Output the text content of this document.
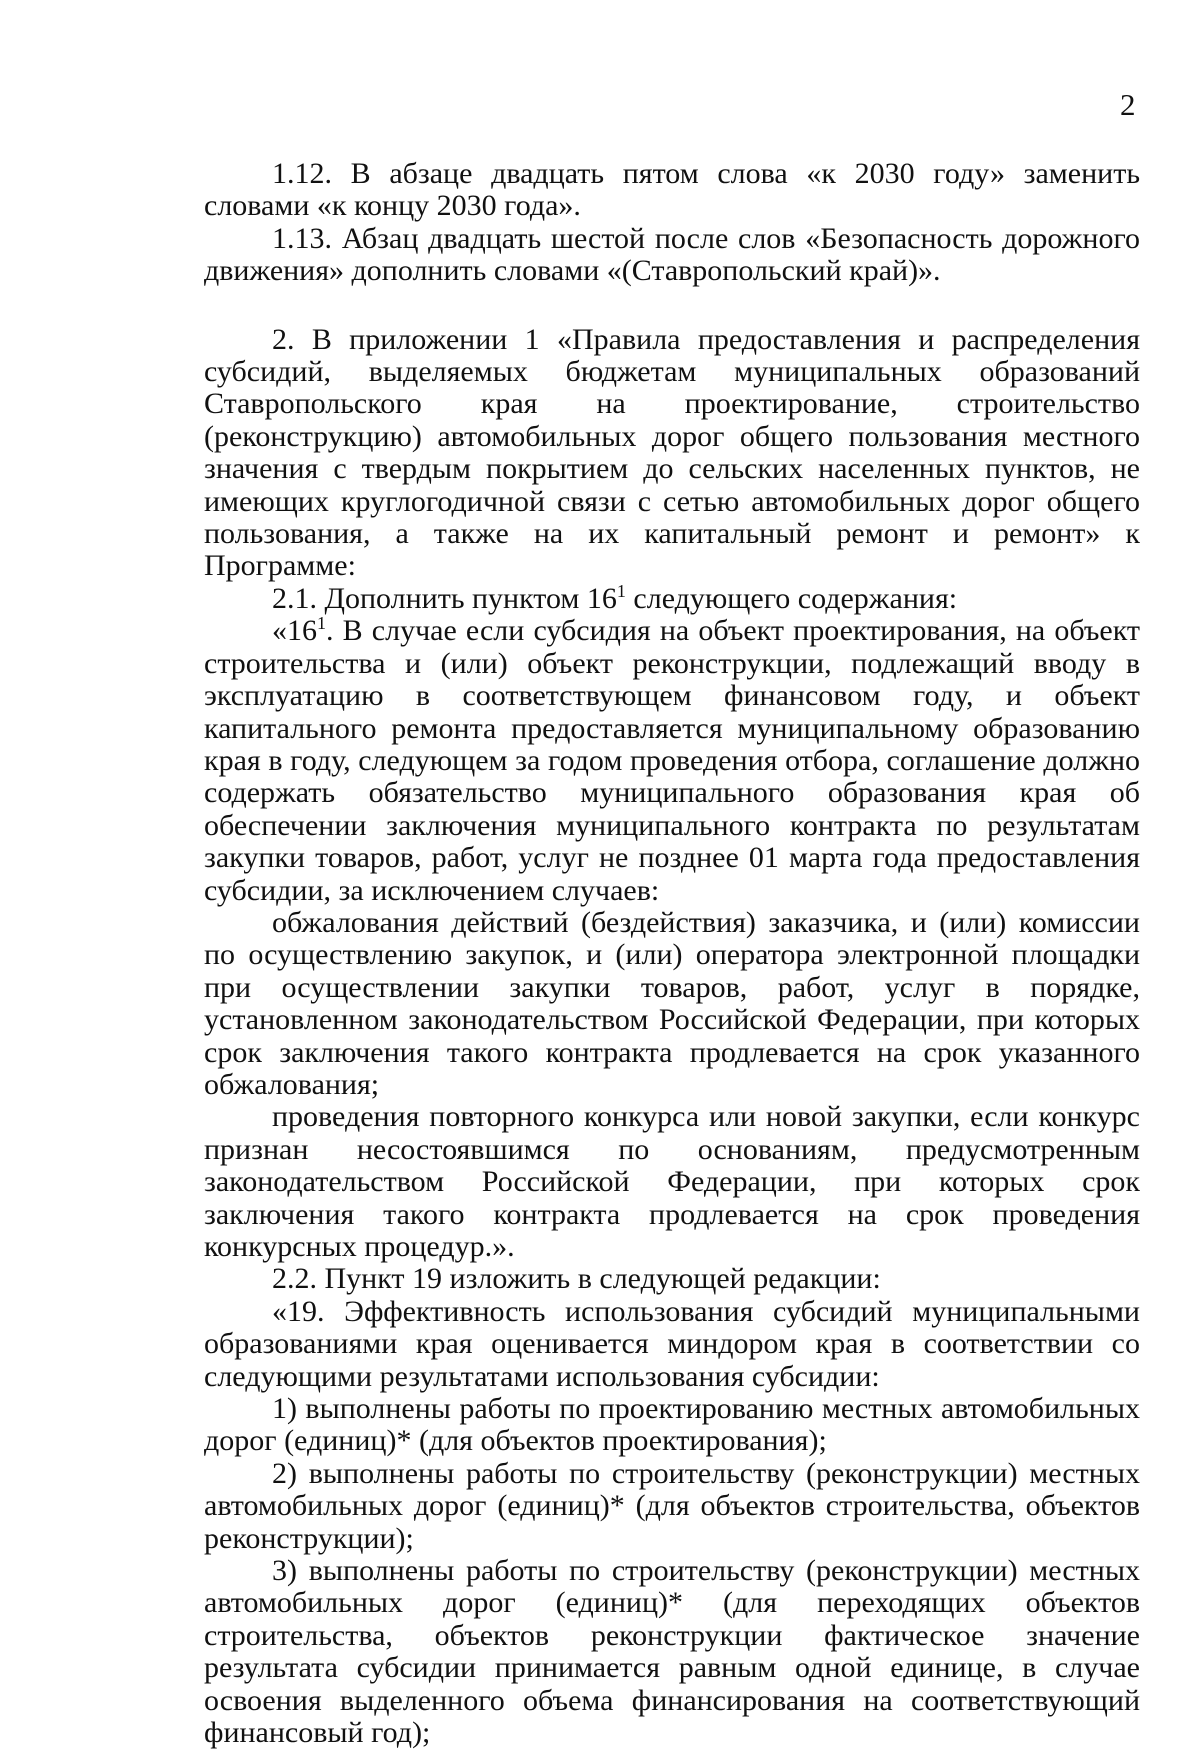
2

1.12. В абзаце двадцать пятом слова «к 2030 году» заменить словами «к концу 2030 года».

1.13. Абзац двадцать шестой после слов «Безопасность дорожного движения» дополнить словами «(Ставропольский край)».

2. В приложении 1 «Правила предоставления и распределения субсидий, выделяемых бюджетам муниципальных образований Ставропольского края на проектирование, строительство (реконструкцию) автомобильных дорог общего пользования местного значения с твердым покрытием до сельских населенных пунктов, не имеющих круглогодичной связи с сетью автомобильных дорог общего пользования, а также на их капитальный ремонт и ремонт» к Программе:

2.1. Дополнить пунктом $16^1$ следующего содержания:

«$16^1$. В случае если субсидия на объект проектирования, на объект строительства и (или) объект реконструкции, подлежащий вводу в эксплуатацию в соответствующем финансовом году, и объект капитального ремонта предоставляется муниципальному образованию края в году, следующем за годом проведения отбора, соглашение должно содержать обязательство муниципального образования края об обеспечении заключения муниципального контракта по результатам закупки товаров, работ, услуг не позднее 01 марта года предоставления субсидии, за исключением случаев:

обжалования действий (бездействия) заказчика, и (или) комиссии по осуществлению закупок, и (или) оператора электронной площадки при осуществлении закупки товаров, работ, услуг в порядке, установленном законодательством Российской Федерации, при которых срок заключения такого контракта продлевается на срок указанного обжалования;

проведения повторного конкурса или новой закупки, если конкурс признан несостоявшимся по основаниям, предусмотренным законодательством Российской Федерации, при которых срок заключения такого контракта продлевается на срок проведения конкурсных процедур.».

2.2. Пункт 19 изложить в следующей редакции:

«19. Эффективность использования субсидий муниципальными образованиями края оценивается миндором края в соответствии со следующими результатами использования субсидии:

1) выполнены работы по проектированию местных автомобильных дорог (единиц)* (для объектов проектирования);

2) выполнены работы по строительству (реконструкции) местных автомобильных дорог (единиц)* (для объектов строительства, объектов реконструкции);

3) выполнены работы по строительству (реконструкции) местных автомобильных дорог (единиц)* (для переходящих объектов строительства, объектов реконструкции фактическое значение результата субсидии принимается равным одной единице, в случае освоения выделенного объема финансирования на соответствующий финансовый год);
